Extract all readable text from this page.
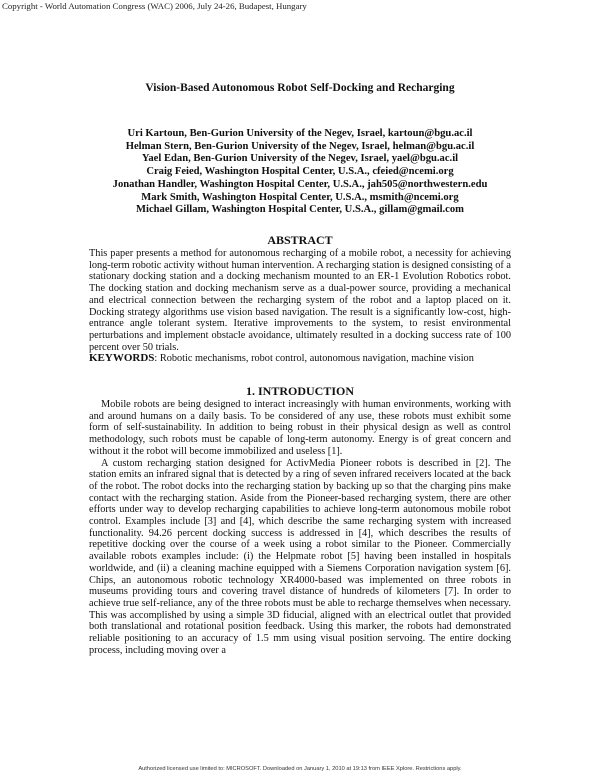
Copyright - World Automation Congress (WAC) 2006, July 24-26, Budapest, Hungary
Vision-Based Autonomous Robot Self-Docking and Recharging
Uri Kartoun, Ben-Gurion University of the Negev, Israel, kartoun@bgu.ac.il
Helman Stern, Ben-Gurion University of the Negev, Israel, helman@bgu.ac.il
Yael Edan, Ben-Gurion University of the Negev, Israel, yael@bgu.ac.il
Craig Feied, Washington Hospital Center, U.S.A., cfeied@ncemi.org
Jonathan Handler, Washington Hospital Center, U.S.A., jah505@northwestern.edu
Mark Smith, Washington Hospital Center, U.S.A., msmith@ncemi.org
Michael Gillam, Washington Hospital Center, U.S.A., gillam@gmail.com
ABSTRACT

This paper presents a method for autonomous recharging of a mobile robot, a necessity for achieving long-term robotic activity without human intervention. A recharging station is designed consisting of a stationary docking station and a docking mechanism mounted to an ER-1 Evolution Robotics robot. The docking station and docking mechanism serve as a dual-power source, providing a mechanical and electrical connection between the recharging system of the robot and a laptop placed on it. Docking strategy algorithms use vision based navigation. The result is a significantly low-cost, high-entrance angle tolerant system. Iterative improvements to the system, to resist environmental perturbations and implement obstacle avoidance, ultimately resulted in a docking success rate of 100 percent over 50 trials.

KEYWORDS: Robotic mechanisms, robot control, autonomous navigation, machine vision

1. INTRODUCTION

Mobile robots are being designed to interact increasingly with human environments, working with and around humans on a daily basis. To be considered of any use, these robots must exhibit some form of self-sustainability. In addition to being robust in their physical design as well as control methodology, such robots must be capable of long-term autonomy. Energy is of great concern and without it the robot will become immobilized and useless [1].

A custom recharging station designed for ActivMedia Pioneer robots is described in [2]. The station emits an infrared signal that is detected by a ring of seven infrared receivers located at the back of the robot. The robot docks into the recharging station by backing up so that the charging pins make contact with the recharging station. Aside from the Pioneer-based recharging system, there are other efforts under way to develop recharging capabilities to achieve long-term autonomous mobile robot control. Examples include [3] and [4], which describe the same recharging system with increased functionality. 94.26 percent docking success is addressed in [4], which describes the results of repetitive docking over the course of a week using a robot similar to the Pioneer. Commercially available robots examples include: (i) the Helpmate robot [5] having been installed in hospitals worldwide, and (ii) a cleaning machine equipped with a Siemens Corporation navigation system [6]. Chips, an autonomous robotic technology XR4000-based was implemented on three robots in museums providing tours and covering travel distance of hundreds of kilometers [7]. In order to achieve true self-reliance, any of the three robots must be able to recharge themselves when necessary. This was accomplished by using a simple 3D fiducial, aligned with an electrical outlet that provided both translational and rotational position feedback. Using this marker, the robots had demonstrated reliable positioning to an accuracy of 1.5 mm using visual position servoing. The entire docking process, including moving over a

Authorized licensed use limited to: MICROSOFT. Downloaded on January 1, 2010 at 19:13 from IEEE Xplore. Restrictions apply.
